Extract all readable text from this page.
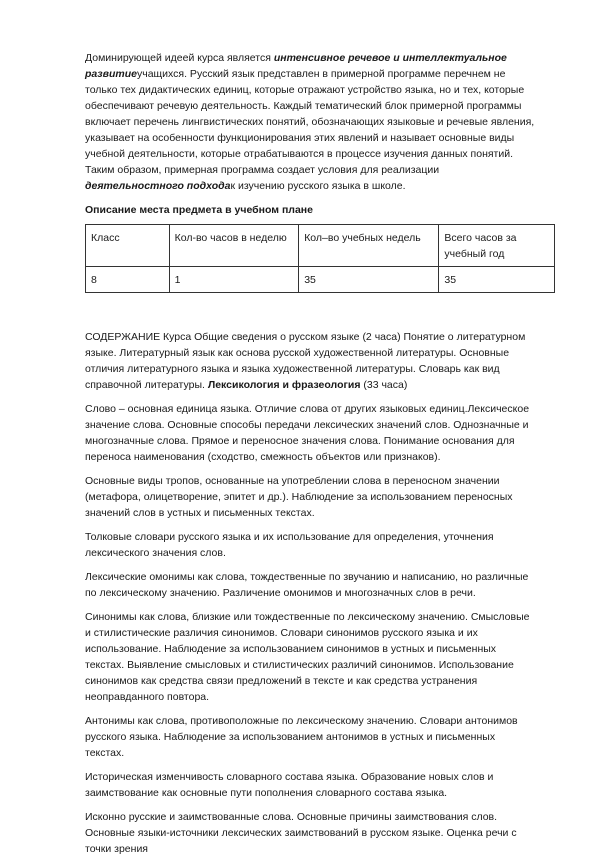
Доминирующей идеей курса является интенсивное речевое и интеллектуальное развитиеучащихся. Русский язык представлен в примерной программе перечнем не только тех дидактических единиц, которые отражают устройство языка, но и тех, которые обеспечивают речевую деятельность. Каждый тематический блок примерной программы включает перечень лингвистических понятий, обозначающих языковые и речевые явления, указывает на особенности функционирования этих явлений и называет основные виды учебной деятельности, которые отрабатываются в процессе изучения данных понятий. Таким образом, примерная программа создает условия для реализации деятельностного подходак изучению русского языка в школе.

Описание места предмета в учебном плане
Класс	Кол-во часов в неделю	Кол–во учебных недель	Всего часов за учебный год
8	1	35	35

СОДЕРЖАНИЕ Курса Общие сведения о русском языке (2 часа) Понятие о литературном языке. Литературный язык как основа русской художественной литературы. Основные отличия литературного языка и языка художественной литературы. Словарь как вид справочной литературы. Лексикология и фразеология (33 часа)

Слово – основная единица языка. Отличие слова от других языковых единиц.Лексическое значение слова. Основные способы передачи лексических значений слов. Однозначные и многозначные слова. Прямое и переносное значения слова. Понимание основания для переноса наименования (сходство, смежность объектов или признаков).

Основные виды тропов, основанные на употреблении слова в переносном значении (метафора, олицетворение, эпитет и др.). Наблюдение за использованием переносных значений слов в устных и письменных текстах.

Толковые словари русского языка и их использование для определения, уточнения лексического значения слов.

Лексические омонимы как слова, тождественные по звучанию и написанию, но различные по лексическому значению. Различение омонимов и многозначных слов в речи.

Синонимы как слова, близкие или тождественные по лексическому значению. Смысловые и стилистические различия синонимов. Словари синонимов русского языка и их использование. Наблюдение за использованием синонимов в устных и письменных текстах. Выявление смысловых и стилистических различий синонимов. Использование синонимов как средства связи предложений в тексте и как средства устранения неоправданного повтора.

Антонимы как слова, противоположные по лексическому значению. Словари антонимов русского языка. Наблюдение за использованием антонимов в устных и письменных текстах.

Историческая изменчивость словарного состава языка. Образование новых слов и заимствование как основные пути пополнения словарного состава языка.

Исконно русские и заимствованные слова. Основные причины заимствования слов. Основные языки-источники лексических заимствований в русском языке. Оценка речи с точки зрения
